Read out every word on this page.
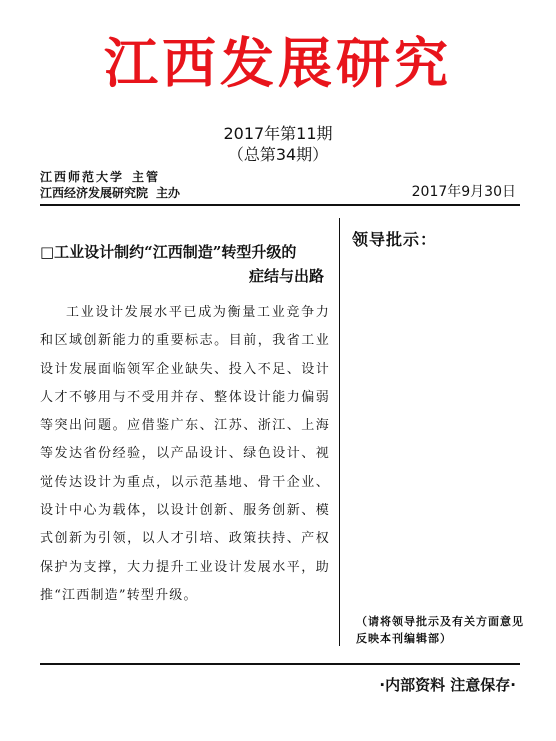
江西发展研究
2017年第11期
（总第34期）
江西师范大学 主管
江西经济发展研究院 主办	2017年9月30日
□工业设计制约“江西制造”转型升级的
症结与出路
工业设计发展水平已成为衡量工业竞争力和区域创新能力的重要标志。目前，我省工业设计发展面临领军企业缺失、投入不足、设计人才不够用与不受用并存、整体设计能力偏弱等突出问题。应借鉴广东、江苏、浙江、上海等发达省份经验，以产品设计、绿色设计、视觉传达设计为重点，以示范基地、骨干企业、设计中心为载体，以设计创新、服务创新、模式创新为引领，以人才引培、政策扶持、产权保护为支撑，大力提升工业设计发展水平，助推“江西制造”转型升级。
领导批示：
（请将领导批示及有关方面意见反映本刊编辑部）
·内部资料 注意保存·
